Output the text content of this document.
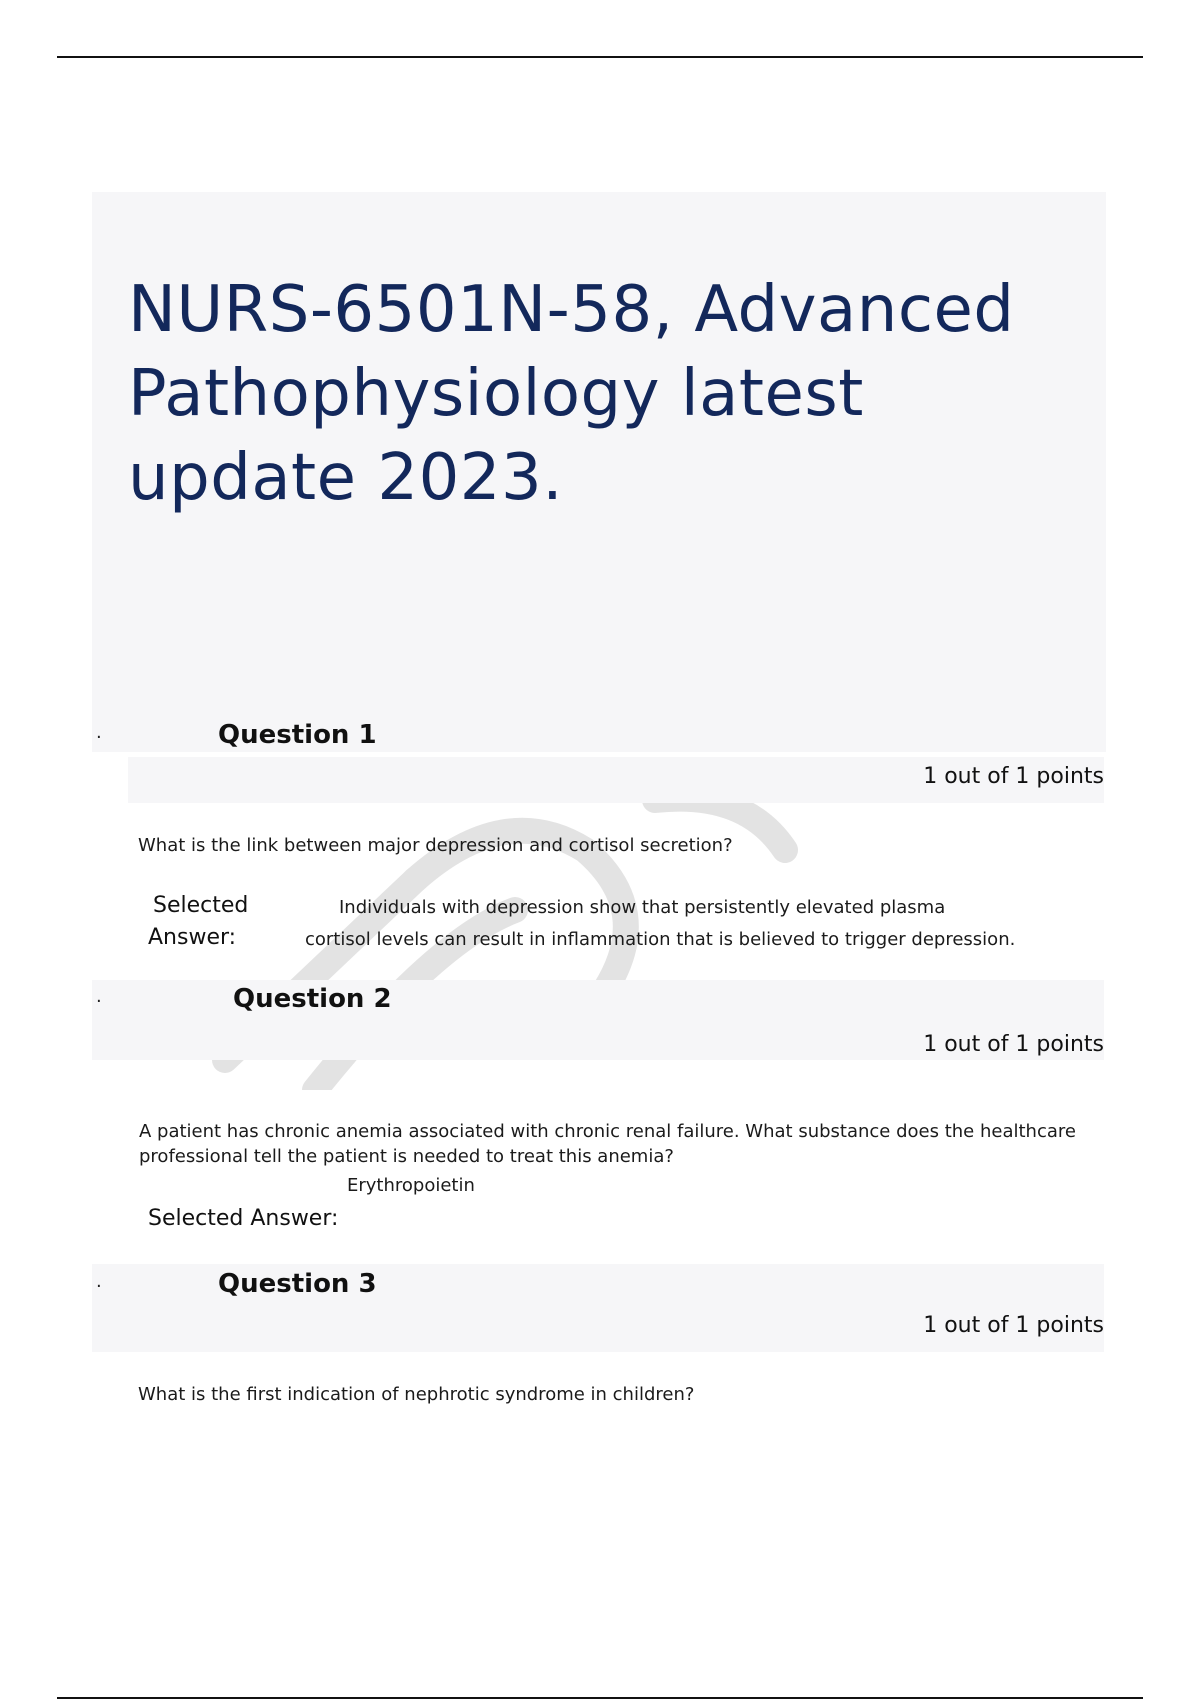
NURS-6501N-58, Advanced Pathophysiology latest update 2023.
·	Question 1
1 out of 1 points
What is the link between major depression and cortisol secretion?
Selected
Answer:
Individuals with depression show that persistently elevated plasma
cortisol levels can result in inflammation that is believed to trigger depression.
·	Question 2
1 out of 1 points
A patient has chronic anemia associated with chronic renal failure. What substance does the healthcare
professional tell the patient is needed to treat this anemia?
Erythropoietin
Selected Answer:
·	Question 3
1 out of 1 points
What is the first indication of nephrotic syndrome in children?
